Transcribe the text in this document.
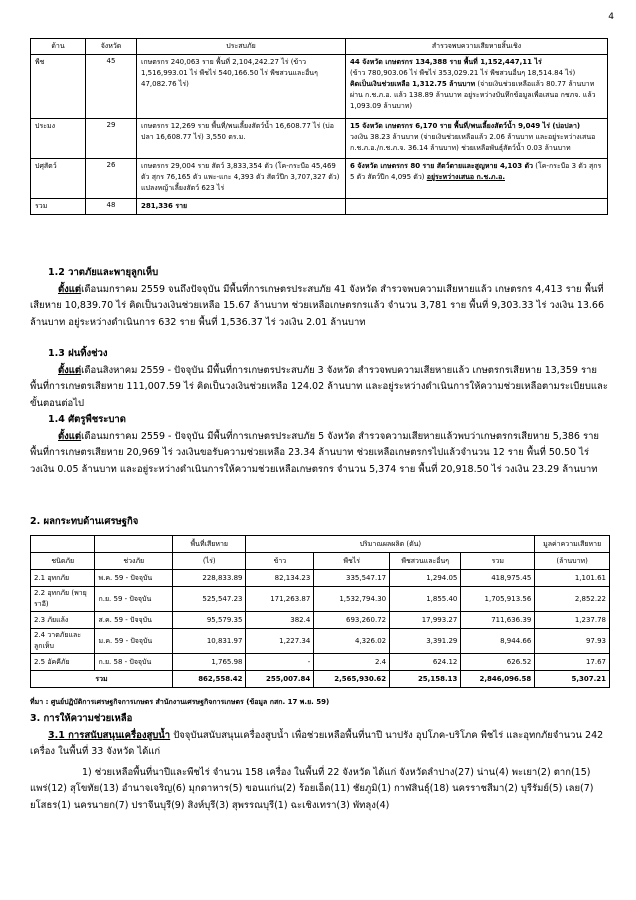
4
ด้าน	จังหวัด	ประสบภัย	สำรวจพบความเสียหายสิ้นเชิง
พืช	45	เกษตรกร 240,063 ราย พื้นที่ 2,104,242.27 ไร่ (ข้าว 1,516,993.01 ไร่ พืชไร่ 540,166.50 ไร่ พืชสวนและอื่นๆ 47,082.76 ไร่)	44 จังหวัด เกษตรกร 134,388 ราย พื้นที่ 1,152,447,11 ไร่
(ข้าว 780,903.06 ไร่ พืชไร่ 353,029.21 ไร่ พืชสวนอื่นๆ 18,514.84 ไร่)
คิดเป็นเงินช่วยเหลือ 1,312.75 ล้านบาท (จ่ายเงินช่วยเหลือแล้ว 80.77 ล้านบาท ผ่าน ก.ช.ภ.อ. แล้ว 138.89 ล้านบาท อยู่ระหว่างบันทึกข้อมูลเพื่อเสนอ กชภจ. แล้ว 1,093.09 ล้านบาท)
ประมง	29	เกษตรกร 12,269 ราย พื้นที่/พนเลี้ยงสัตว์น้ำ 16,608.77 ไร่ (บ่อปลา 16,608.77 ไร่) 3,550 ตร.ม.	15 จังหวัด เกษตรกร 6,170 ราย พื้นที่/พนเลี้ยงสัตว์น้ำ 9,049 ไร่ (บ่อปลา)
วงเงิน 38.23 ล้านบาท (จ่ายเงินช่วยเหลือแล้ว 2.06 ล้านบาท และอยู่ระหว่างเสนอ ก.ช.ภ.อ./ก.ช.ภ.จ. 36.14 ล้านบาท) ช่วยเหลือพันธุ์สัตว์น้ำ 0.03 ล้านบาท
ปศุสัตว์	26	เกษตรกร 29,004 ราย สัตว์ 3,833,354 ตัว (โค-กระบือ 45,469 ตัว สุกร 76,165 ตัว แพะ-แกะ 4,393 ตัว สัตว์ปีก 3,707,327 ตัว) แปลงหญ้าเลี้ยงสัตว์ 623 ไร่	6 จังหวัด เกษตรกร 80 ราย สัตว์ตายและสูญหาย 4,103 ตัว (โค-กระบือ 3 ตัว สุกร 5 ตัว สัตว์ปีก 4,095 ตัว) อยู่ระหว่างเสนอ ก.ช.ภ.อ.
รวม	48	281,336 ราย	
1.2 วาตภัยและพายุลูกเห็บ
ตั้งแต่เดือนมกราคม 2559 จนถึงปัจจุบัน มีพื้นที่การเกษตรประสบภัย 41 จังหวัด สำรวจพบความเสียหายแล้ว เกษตรกร 4,413 ราย พื้นที่เสียหาย 10,839.70 ไร่ คิดเป็นวงเงินช่วยเหลือ 15.67 ล้านบาท ช่วยเหลือเกษตรกรแล้ว จำนวน 3,781 ราย พื้นที่ 9,303.33 ไร่ วงเงิน 13.66 ล้านบาท อยู่ระหว่างดำเนินการ 632 ราย พื้นที่ 1,536.37 ไร่ วงเงิน 2.01 ล้านบาท
1.3 ฝนทิ้งช่วง
ตั้งแต่เดือนสิงหาคม 2559 - ปัจจุบัน มีพื้นที่การเกษตรประสบภัย 3 จังหวัด สำรวจพบความเสียหายแล้ว เกษตรกรเสียหาย 13,359 ราย พื้นที่การเกษตรเสียหาย 111,007.59 ไร่ คิดเป็นวงเงินช่วยเหลือ 124.02 ล้านบาท และอยู่ระหว่างดำเนินการให้ความช่วยเหลือตามระเบียบและขั้นตอนต่อไป
1.4 ศัตรูพืชระบาด
ตั้งแต่เดือนมกราคม 2559 - ปัจจุบัน มีพื้นที่การเกษตรประสบภัย 5 จังหวัด สำรวจความเสียหายแล้วพบว่าเกษตรกรเสียหาย 5,386 ราย พื้นที่การเกษตรเสียหาย 20,969 ไร่ วงเงินขอรับความช่วยเหลือ 23.34 ล้านบาท ช่วยเหลือเกษตรกรไปแล้วจำนวน 12 ราย พื้นที่ 50.50 ไร่ วงเงิน 0.05 ล้านบาท และอยู่ระหว่างดำเนินการให้ความช่วยเหลือเกษตรกร จำนวน 5,374 ราย พื้นที่ 20,918.50 ไร่ วงเงิน 23.29 ล้านบาท
2. ผลกระทบด้านเศรษฐกิจ
		พื้นที่เสียหาย	ปริมาณผลผลิต (ตัน)				มูลค่าความเสียหาย
ชนิดภัย	ช่วงภัย	(ไร่)	ข้าว	พืชไร่	พืชสวนและอื่นๆ	รวม	(ล้านบาท)
2.1 อุทกภัย	พ.ค. 59 - ปัจจุบัน	228,833.89	82,134.23	335,547.17	1,294.05	418,975.45	1,101.61
2.2 อุทกภัย (พายุราอี)	ก.ย. 59 - ปัจจุบัน	525,547.23	171,263.87	1,532,794.30	1,855.40	1,705,913.56	2,852.22
2.3 ภัยแล้ง	ส.ค. 59 - ปัจจุบัน	95,579.35	382.4	693,260.72	17,993.27	711,636.39	1,237.78
2.4 วาตภัยและลูกเห็บ	ม.ค. 59 - ปัจจุบัน	10,831.97	1,227.34	4,326.02	3,391.29	8,944.66	97.93
2.5 อัคคีภัย	ก.ย. 58 - ปัจจุบัน	1,765.98	-	2.4	624.12	626.52	17.67
รวม		862,558.42	255,007.84	2,565,930.62	25,158.13	2,846,096.58	5,307.21
ที่มา : ศูนย์ปฏิบัติการเศรษฐกิจการเกษตร สำนักงานเศรษฐกิจการเกษตร (ข้อมูล กสก. 17 พ.ย. 59)
3. การให้ความช่วยเหลือ
3.1 การสนับสนุนเครื่องสูบน้ำ ปัจจุบันสนับสนุนเครื่องสูบน้ำ เพื่อช่วยเหลือพื้นที่นาปี นาปรัง อุปโภค-บริโภค พืชไร่ และอุทกภัยจำนวน 242 เครื่อง ในพื้นที่ 33 จังหวัด ได้แก่
1) ช่วยเหลือพื้นที่นาปีและพืชไร่ จำนวน 158 เครื่อง ในพื้นที่ 22 จังหวัด ได้แก่ จังหวัดลำปาง(27) น่าน(4) พะเยา(2) ตาก(15) แพร่(12) สุโขทัย(13) อำนาจเจริญ(6) มุกดาหาร(5) ขอนแก่น(2) ร้อยเอ็ด(11) ชัยภูมิ(1) กาฬสินธุ์(18) นครราชสีมา(2) บุรีรัมย์(5) เลย(7) ยโสธร(1) นครนายก(7) ปราจีนบุรี(9) สิงห์บุรี(3) สุพรรณบุรี(1) ฉะเชิงเทรา(3) พัทลุง(4)
